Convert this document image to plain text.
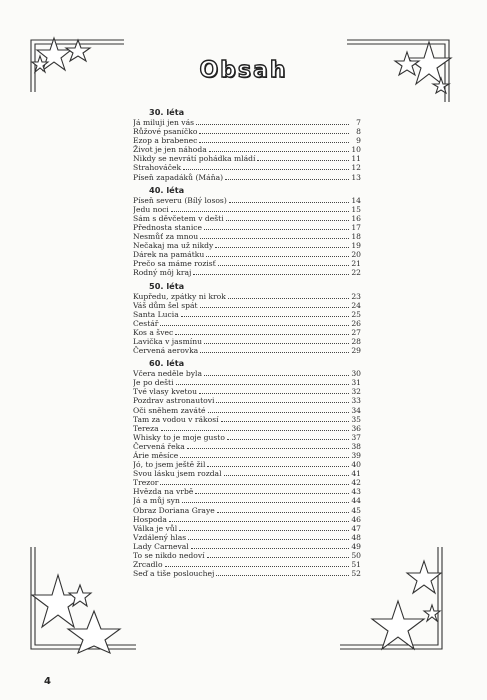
Obsah
30. léta
Já miluji jen vás	7
Růžové psaníčko	8
Ezop a brabenec	9
Život je jen náhoda	10
Nikdy se nevrátí pohádka mládí	11
Strahováček	12
Píseň zapadáků (Máňa)	13
40. léta
Píseň severu (Bílý losos)	14
Jedu noci	15
Sám s děvčetem v dešti	16
Přednosta stanice	17
Nesmůť za mnou	18
Nečakaj ma už nikdy	19
Dárek na památku	20
Prečo sa máme rozisť	21
Rodný môj kraj	22
50. léta
Kupředu, zpátky ni krok	23
Váš dům šel spát	24
Santa Lucia	25
Cestář	26
Kos a švec	27
Lavička v jasmínu	28
Červená aerovka	29
60. léta
Včera neděle byla	30
Je po dešti	31
Tvé vlasy kvetou	32
Pozdrav astronautovi	33
Oči sněhem zaváté	34
Tam za vodou v rákosí	35
Tereza	36
Whisky to je moje gusto	37
Červená řeka	38
Árie měsíce	39
Jó, to jsem ještě žil	40
Svou lásku jsem rozdal	41
Trezor	42
Hvězda na vrbě	43
Já a můj syn	44
Obraz Doriana Graye	45
Hospoda	46
Válka je vůl	47
Vzdálený hlas	48
Lady Carneval	49
To se nikdo nedoví	50
Zrcadlo	51
Seď a tiše poslouchej	52
4
